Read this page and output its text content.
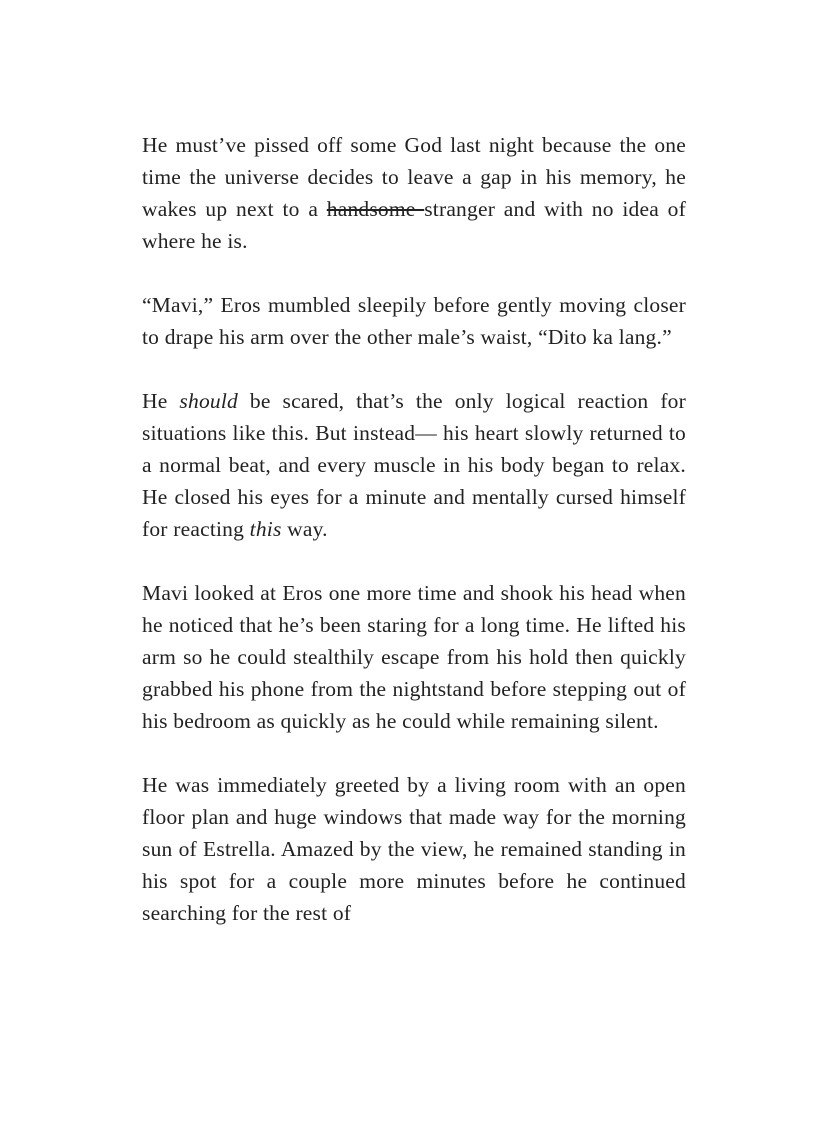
He must’ve pissed off some God last night because the one time the universe decides to leave a gap in his memory, he wakes up next to a handsome stranger and with no idea of where he is.

“Mavi,” Eros mumbled sleepily before gently moving closer to drape his arm over the other male’s waist, “Dito ka lang.”

He should be scared, that’s the only logical reaction for situations like this. But instead— his heart slowly returned to a normal beat, and every muscle in his body began to relax. He closed his eyes for a minute and mentally cursed himself for reacting this way.

Mavi looked at Eros one more time and shook his head when he noticed that he’s been staring for a long time. He lifted his arm so he could stealthily escape from his hold then quickly grabbed his phone from the nightstand before stepping out of his bedroom as quickly as he could while remaining silent.

He was immediately greeted by a living room with an open floor plan and huge windows that made way for the morning sun of Estrella. Amazed by the view, he remained standing in his spot for a couple more minutes before he continued searching for the rest of
